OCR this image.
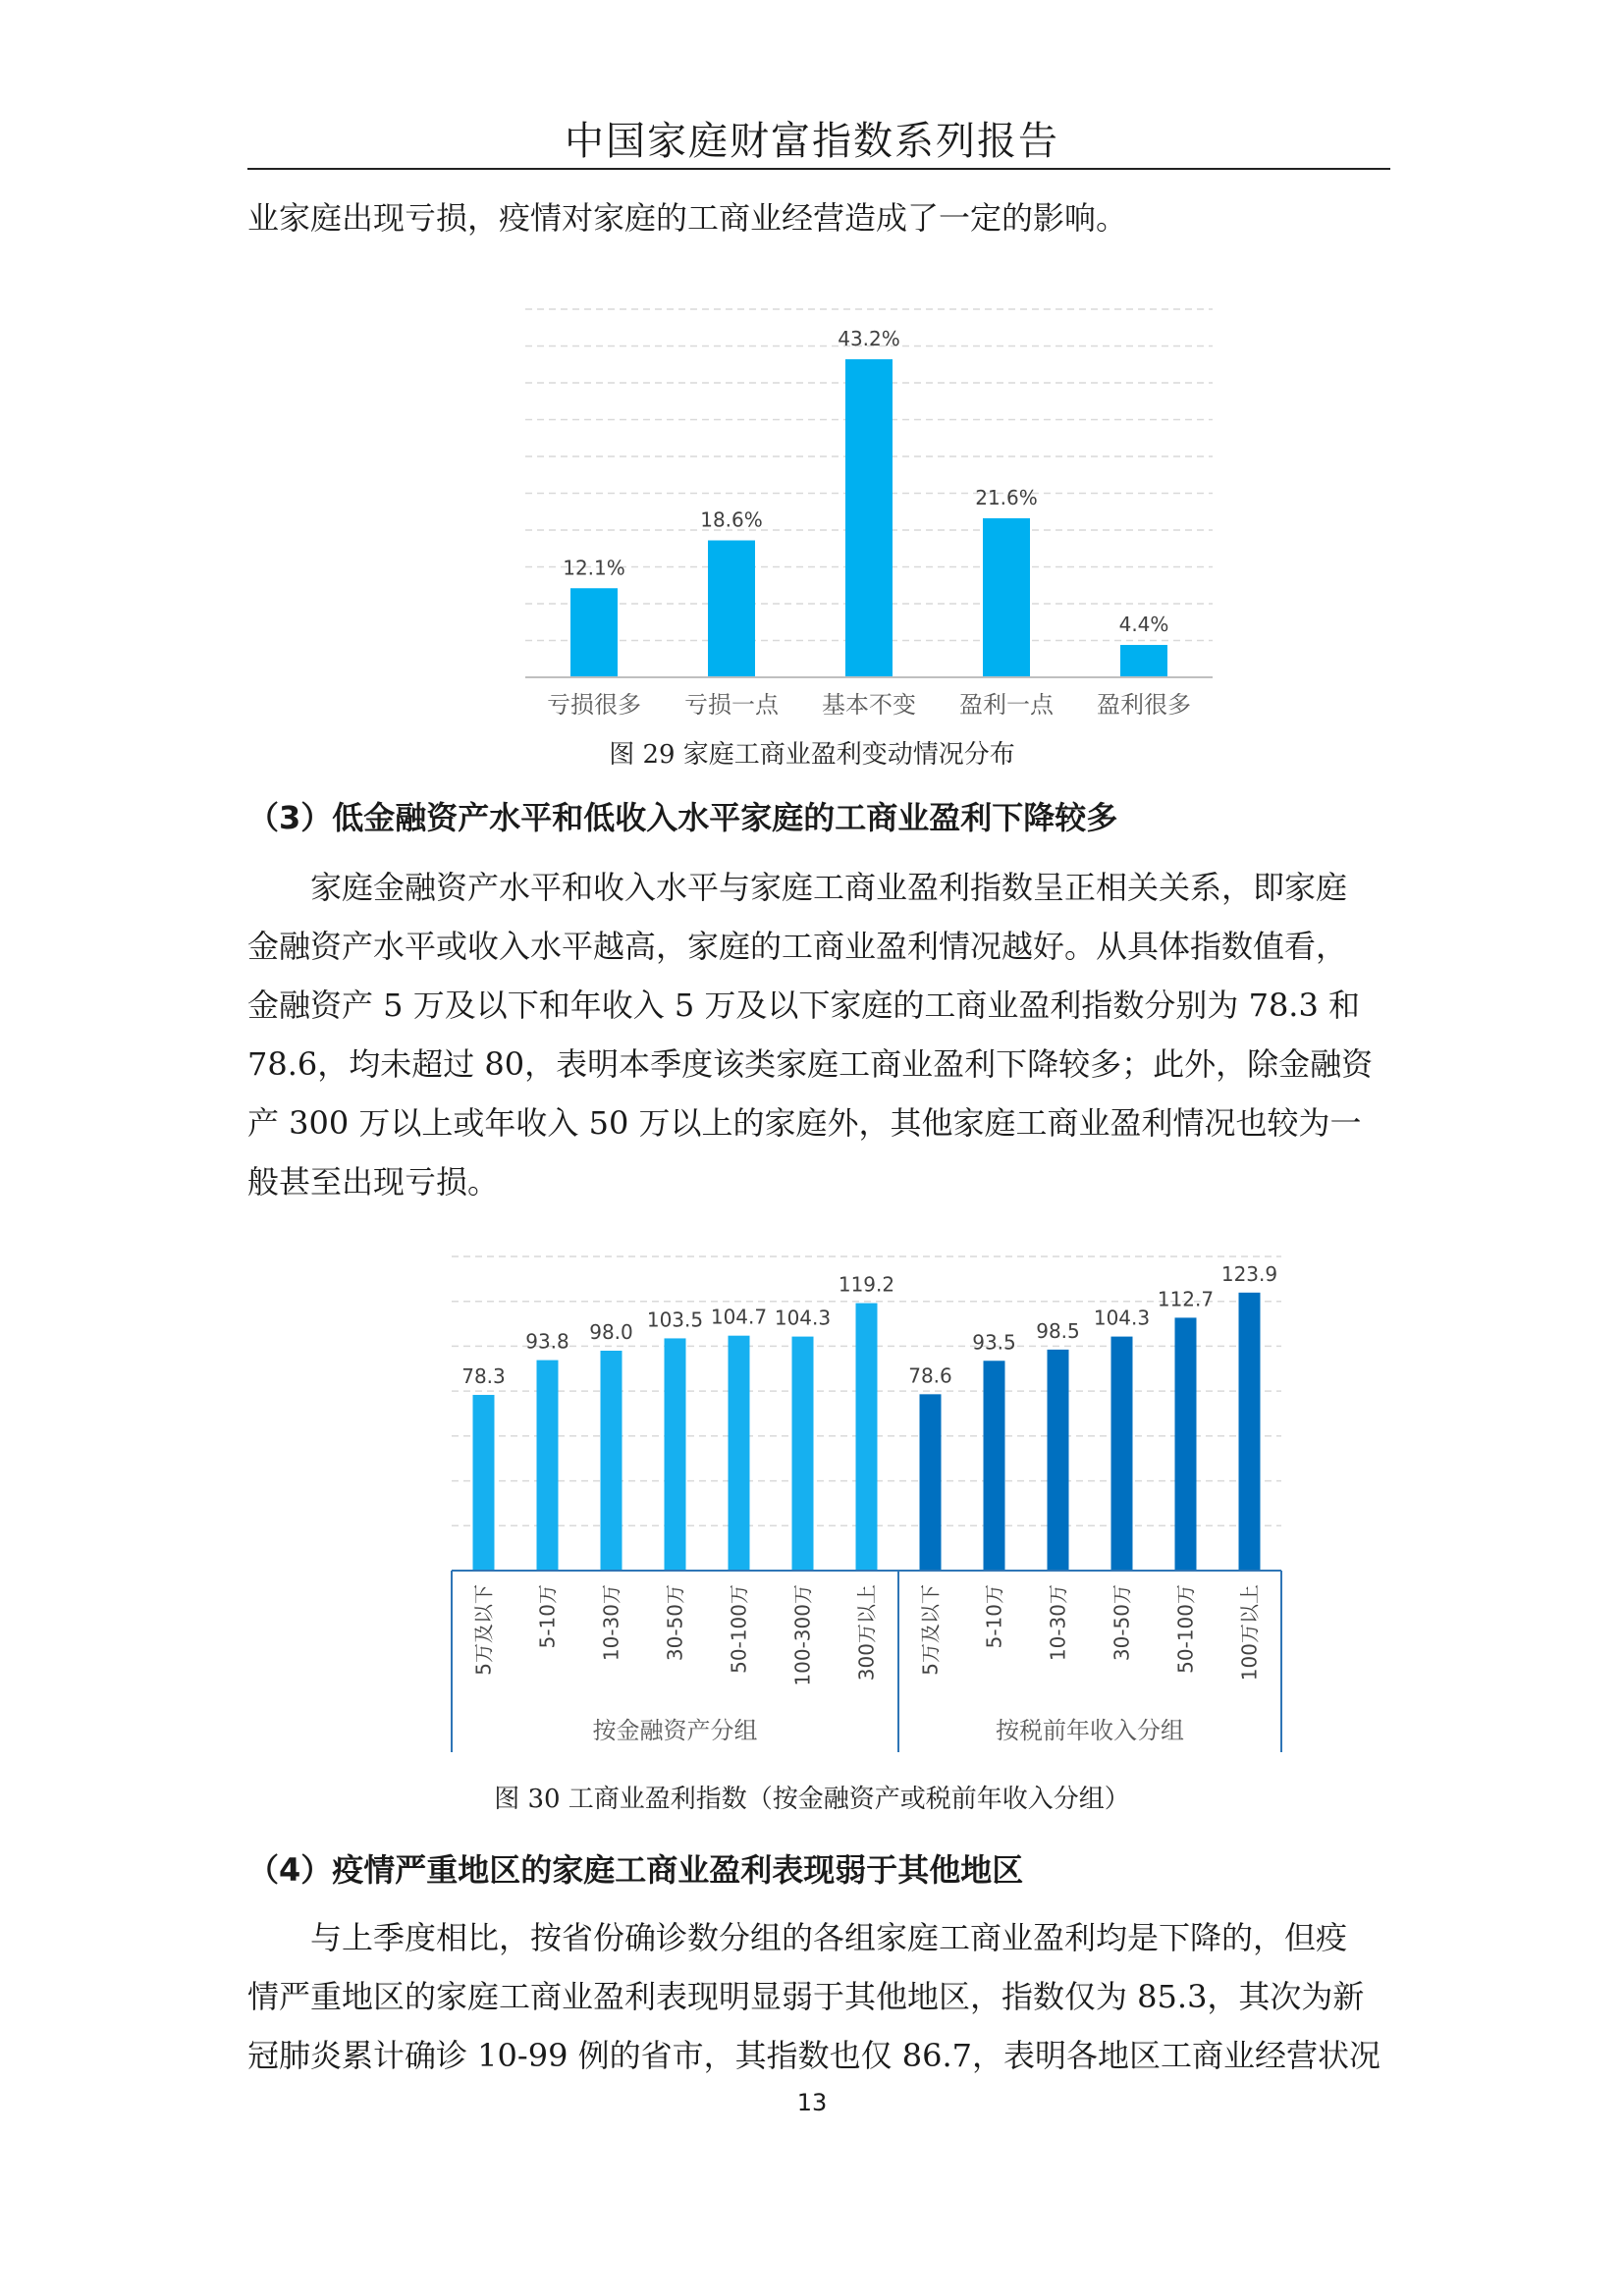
中国家庭财富指数系列报告

业家庭出现亏损，疫情对家庭的工商业经营造成了一定的影响。

12.1%
18.6%
43.2%
21.6%
4.4%
亏损很多 亏损一点 基本不变 盈利一点 盈利很多
图 29 家庭工商业盈利变动情况分布
（3）低金融资产水平和低收入水平家庭的工商业盈利下降较多

家庭金融资产水平和收入水平与家庭工商业盈利指数呈正相关关系，即家庭
金融资产水平或收入水平越高，家庭的工商业盈利情况越好。从具体指数值看，
金融资产 5 万及以下和年收入 5 万及以下家庭的工商业盈利指数分别为 78.3 和
78.6，均未超过 80，表明本季度该类家庭工商业盈利下降较多；此外，除金融资
产 300 万以上或年收入 50 万以上的家庭外，其他家庭工商业盈利情况也较为一
般甚至出现亏损。

78.3
93.8 98.0
103.5 104.7 104.3
119.2
78.6
93.5 98.5
104.3
112.7
123.9
5万及以下 5-10万 10-30万 30-50万 50-100万 100-300万 300万以上 5万及以下 5-10万 10-30万 30-50万 50-100万 100万以上
按金融资产分组	按税前年收入分组
图 30 工商业盈利指数（按金融资产或税前年收入分组）
（4）疫情严重地区的家庭工商业盈利表现弱于其他地区

与上季度相比，按省份确诊数分组的各组家庭工商业盈利均是下降的，但疫
情严重地区的家庭工商业盈利表现明显弱于其他地区，指数仅为 85.3，其次为新
冠肺炎累计确诊 10-99 例的省市，其指数也仅 86.7，表明各地区工商业经营状况

13
